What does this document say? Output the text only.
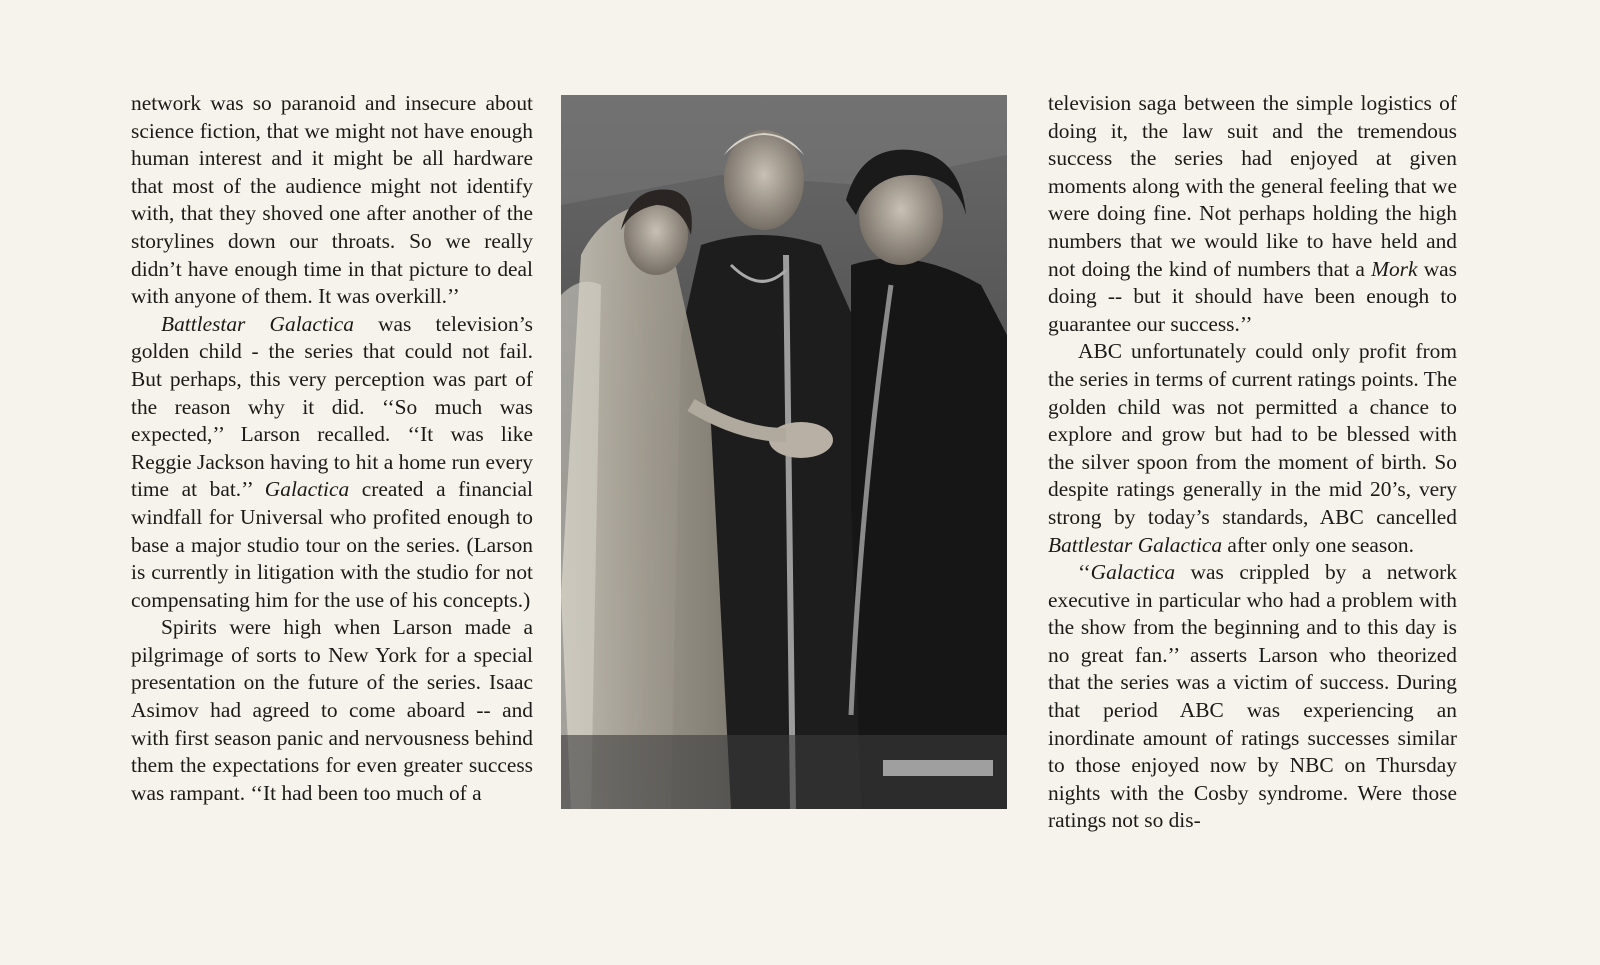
network was so paranoid and insecure about science fiction, that we might not have enough human interest and it might be all hardware that most of the audience might not identify with, that they shoved one after another of the storylines down our throats. So we really didn’t have enough time in that picture to deal with anyone of them. It was overkill.’’

Battlestar Galactica was television’s golden child - the series that could not fail. But perhaps, this very perception was part of the reason why it did. ‘‘So much was expected,’’ Larson recalled. ‘‘It was like Reggie Jackson having to hit a home run every time at bat.’’ Galactica created a financial windfall for Universal who profited enough to base a major studio tour on the series. (Larson is currently in litigation with the studio for not compensating him for the use of his concepts.)

Spirits were high when Larson made a pilgrimage of sorts to New York for a special presentation on the future of the series. Isaac Asimov had agreed to come aboard -- and with first season panic and nervousness behind them the expectations for even greater success was rampant. ‘‘It had been too much of a

television saga between the simple logistics of doing it, the law suit and the tremendous success the series had enjoyed at given moments along with the general feeling that we were doing fine. Not perhaps holding the high numbers that we would like to have held and not doing the kind of numbers that a Mork was doing -- but it should have been enough to guarantee our success.’’

ABC unfortunately could only profit from the series in terms of current ratings points. The golden child was not permitted a chance to explore and grow but had to be blessed with the silver spoon from the moment of birth. So despite ratings generally in the mid 20’s, very strong by today’s standards, ABC cancelled Battlestar Galactica after only one season.

‘‘Galactica was crippled by a network executive in particular who had a problem with the show from the beginning and to this day is no great fan.’’ asserts Larson who theorized that the series was a victim of success. During that period ABC was experiencing an inordinate amount of ratings successes similar to those enjoyed now by NBC on Thursday nights with the Cosby syndrome. Were those ratings not so dis-
